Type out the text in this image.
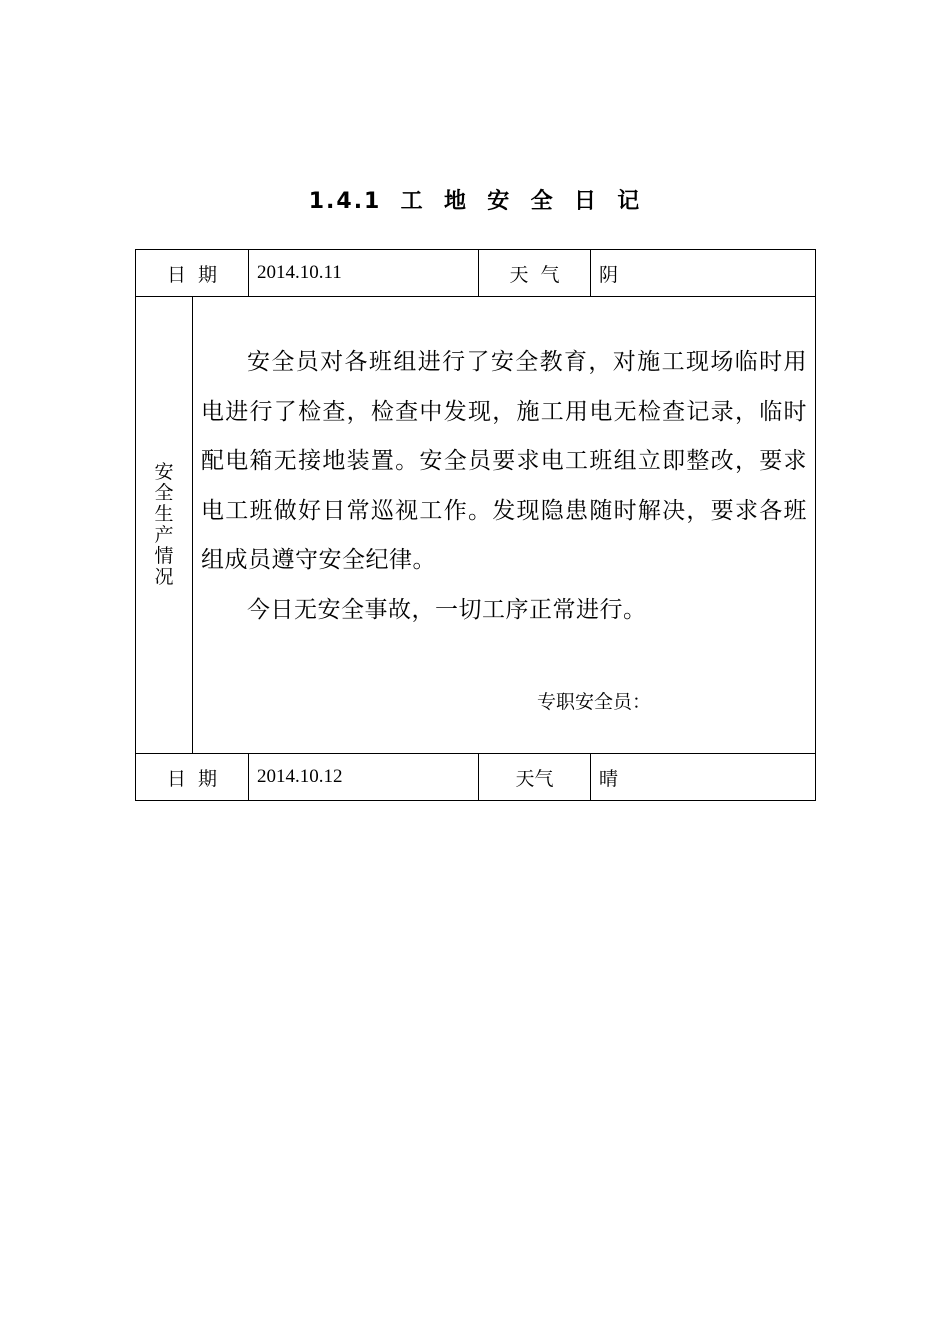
1.4.1  工  地  安  全  日  记
日  期		2014.10.11	天  气	阴
安全生产情况	安全员对各班组进行了安全教育，对施工现场临时用电进行了检查，检查中发现，施工用电无检查记录，临时配电箱无接地装置。安全员要求电工班组立即整改，要求电工班做好日常巡视工作。发现隐患随时解决，要求各班组成员遵守安全纪律。

今日无安全事故，一切工序正常进行。

专职安全员：			

日  期		2014.10.12	天气	晴
